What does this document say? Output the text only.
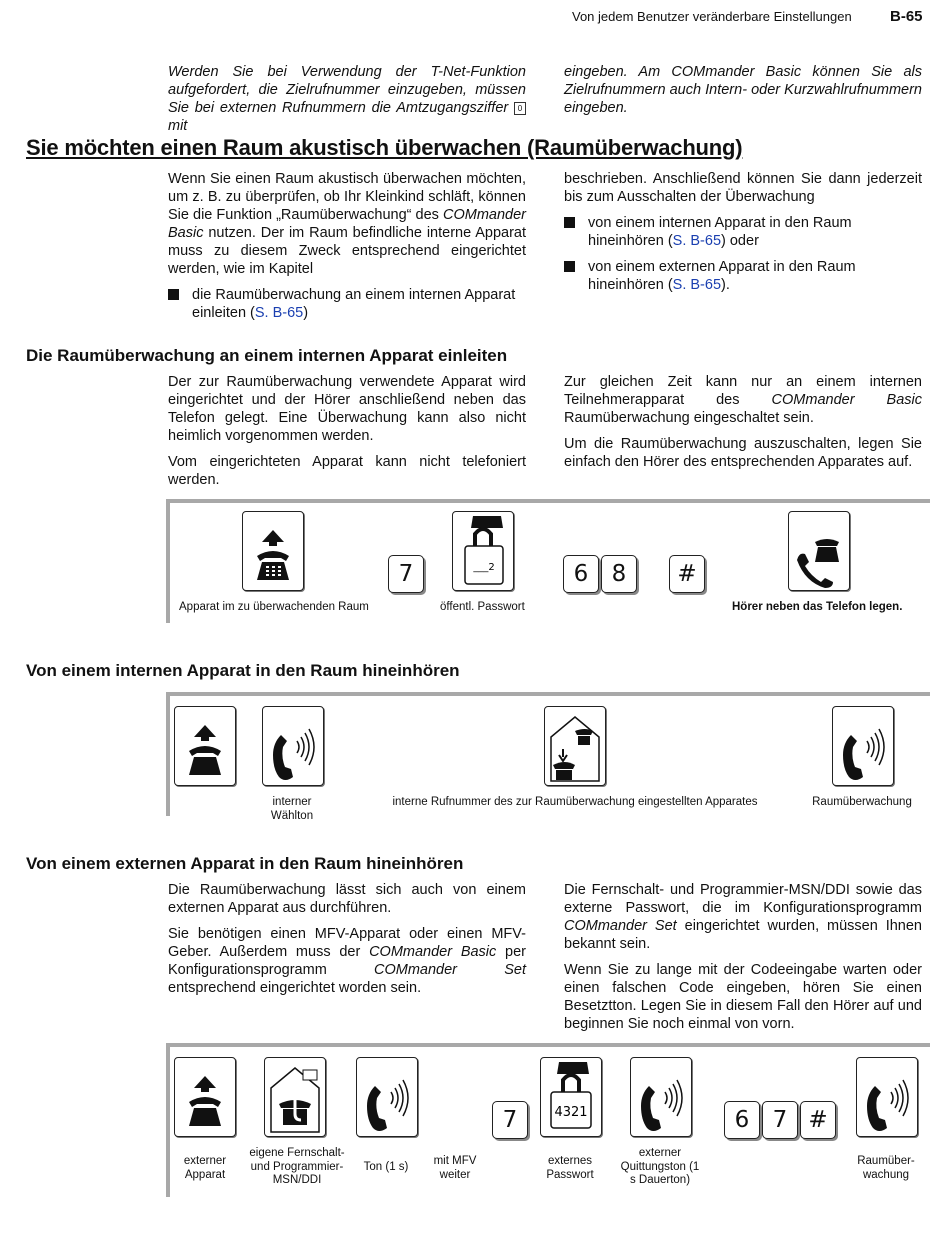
Von jedem Benutzer veränderbare Einstellungen	B-65

Werden Sie bei Verwendung der T-Net-Funktion aufgefordert, die Zielrufnummer einzugeben, müssen Sie bei externen Rufnummern die Amtzugangsziffer 0 mit

eingeben. Am COMmander Basic können Sie als Zielrufnummern auch Intern- oder Kurzwahlrufnummern eingeben.

Sie möchten einen Raum akustisch überwachen (Raumüberwachung)

Wenn Sie einen Raum akustisch überwachen möchten, um z. B. zu überprüfen, ob Ihr Kleinkind schläft, können Sie die Funktion „Raumüberwachung“ des COMmander Basic nutzen. Der im Raum befindliche interne Apparat muss zu diesem Zweck entsprechend eingerichtet werden, wie im Kapitel

die Raumüberwachung an einem internen Apparat einleiten (S. B-65)

beschrieben. Anschließend können Sie dann jederzeit bis zum Ausschalten der Überwachung

von einem internen Apparat in den Raum hineinhören (S. B-65) oder
von einem externen Apparat in den Raum hineinhören (S. B-65).
Die Raumüberwachung an einem internen Apparat einleiten

Der zur Raumüberwachung verwendete Apparat wird eingerichtet und der Hörer anschließend neben das Telefon gelegt. Eine Überwachung kann also nicht heimlich vorgenommen werden.

Vom eingerichteten Apparat kann nicht telefoniert werden.

Zur gleichen Zeit kann nur an einem internen Teilnehmerapparat des COMmander Basic Raumüberwachung eingeschaltet sein.

Um die Raumüberwachung auszuschalten, legen Sie einfach den Hörer des entsprechenden Apparates auf.

7	___2	6	8	#
Apparat im zu überwachenden Raum	öffentl. Passwort	Hörer neben das Telefon legen.
Von einem internen Apparat in den Raum hineinhören
interner Wählton
interne Rufnummer des zur Raumüberwachung eingestellten Apparates	Raumüberwachung
Von einem externen Apparat in den Raum hineinhören

Die Raumüberwachung lässt sich auch von einem externen Apparat aus durchführen.

Sie benötigen einen MFV-Apparat oder einen MFV-Geber. Außerdem muss der COMmander Basic per Konfigurationsprogramm	COMmander Set entsprechend eingerichtet worden sein.

Die Fernschalt- und Programmier-MSN/DDI sowie das externe Passwort, die im Konfigurationsprogramm COMmander Set eingerichtet wurden, müssen Ihnen bekannt sein.

Wenn Sie zu lange mit der Codeeingabe warten oder einen falschen Code eingeben, hören Sie einen Besetztton. Legen Sie in diesem Fall den Hörer auf und beginnen Sie noch einmal von vorn.

7	4321	6	7 #
externer Apparat
eigene Fernschalt- und Programmier- MSN/DDI
Ton (1 s)	mit MFV weiter
externes Passwort
externer Quittungston (1 s Dauerton)
Raumüber- wachung
